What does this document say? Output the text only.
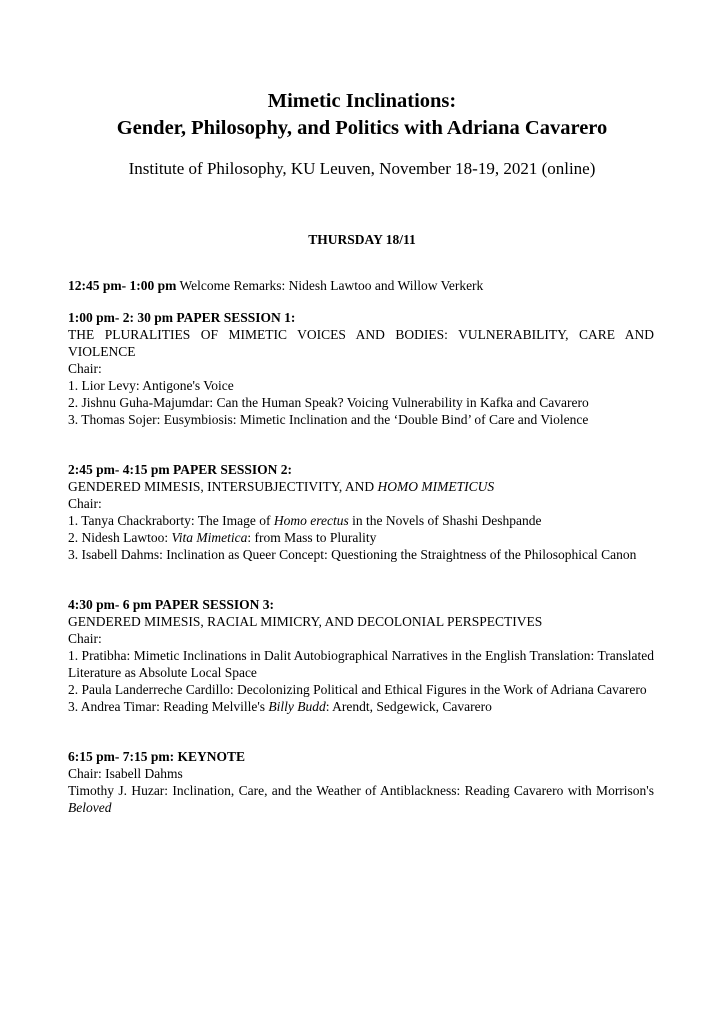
Mimetic Inclinations:
Gender, Philosophy, and Politics with Adriana Cavarero
Institute of Philosophy, KU Leuven, November 18-19, 2021 (online)
THURSDAY 18/11
12:45 pm- 1:00 pm Welcome Remarks: Nidesh Lawtoo and Willow Verkerk
1:00 pm- 2: 30 pm PAPER SESSION 1:
THE PLURALITIES OF MIMETIC VOICES AND BODIES: VULNERABILITY, CARE AND VIOLENCE
Chair:
1. Lior Levy: Antigone's Voice
2. Jishnu Guha-Majumdar: Can the Human Speak? Voicing Vulnerability in Kafka and Cavarero
3. Thomas Sojer: Eusymbiosis: Mimetic Inclination and the ‘Double Bind’ of Care and Violence
2:45 pm- 4:15 pm PAPER SESSION 2:
GENDERED MIMESIS, INTERSUBJECTIVITY, AND HOMO MIMETICUS
Chair:
1. Tanya Chackraborty: The Image of Homo erectus in the Novels of Shashi Deshpande
2. Nidesh Lawtoo: Vita Mimetica: from Mass to Plurality
3. Isabell Dahms: Inclination as Queer Concept: Questioning the Straightness of the Philosophical Canon
4:30 pm- 6 pm PAPER SESSION 3:
GENDERED MIMESIS, RACIAL MIMICRY, AND DECOLONIAL PERSPECTIVES
Chair:
1. Pratibha: Mimetic Inclinations in Dalit Autobiographical Narratives in the English Translation: Translated Literature as Absolute Local Space
2. Paula Landerreche Cardillo: Decolonizing Political and Ethical Figures in the Work of Adriana Cavarero
3. Andrea Timar: Reading Melville's Billy Budd: Arendt, Sedgewick, Cavarero
6:15 pm- 7:15 pm: KEYNOTE
Chair: Isabell Dahms
Timothy J. Huzar: Inclination, Care, and the Weather of Antiblackness: Reading Cavarero with Morrison's Beloved
